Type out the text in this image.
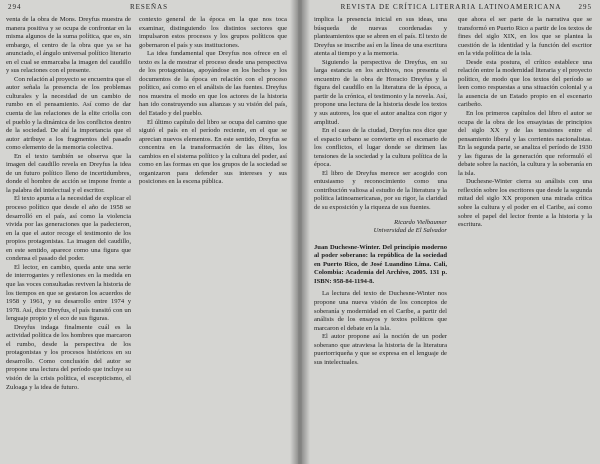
294	RESEÑAS

venta de la obra de Mons. Dreyfus muestra de manera positiva y se ocupa de confrontar en la misma algunos de la suma política, que es, sin embargo, el centro de la obra que ya se ha anunciado, el ángulo universal político literario en el cual se enmarcaba la imagen del caudillo y sus relaciones con el presente.

Con relación al proyecto se encuentra que el autor señala la presencia de los problemas culturales y la necesidad de un cambio de rumbo en el pensamiento. Así como de dar cuenta de las relaciones de la elite criolla con el pueblo y la dinámica de los conflictos dentro de la sociedad. De ahí la importancia que el autor atribuye a los fragmentos del pasado como elemento de la memoria colectiva.

En el texto también se observa que la imagen del caudillo revela en Dreyfus la idea de un futuro político lleno de incertidumbres, donde el hombre de acción se impone frente a la palabra del intelectual y el escritor.

El texto apunta a la necesidad de explicar el proceso político que desde el año de 1958 se desarrolló en el país, así como la violencia vivida por las generaciones que la padecieron, en la que el autor recoge el testimonio de los propios protagonistas. La imagen del caudillo, en este sentido, aparece como una figura que condensa el pasado del poder.

El lector, en cambio, queda ante una serie de interrogantes y reflexiones en la medida en que las voces consultadas reviven la historia de los tiempos en que se gestaron los acuerdos de 1958 y 1961, y su desarrollo entre 1974 y 1978. Así, dice Dreyfus, el país transitó con un lenguaje propio y el eco de sus figuras.

Dreyfus indaga finalmente cuál es la actividad política de los hombres que marcaron el rumbo, desde la perspectiva de los protagonistas y los procesos históricos en su desarrollo. Como conclusión del autor se propone una lectura del período que incluye su visión de la crisis política, el escepticismo, el Zuloaga y la idea de futuro.

contexto general de la época en la que nos toca examinar, distinguiendo los distintos sectores que impulsaron estos procesos y los grupos políticos que gobernaron el país y sus instituciones.

La idea fundamental que Dreyfus nos ofrece en el texto es la de mostrar el proceso desde una perspectiva de los protagonistas, apoyándose en los hechos y los documentos de la época en relación con el proceso político, así como en el análisis de las fuentes. Dreyfus nos muestra el modo en que los actores de la historia han ido construyendo sus alianzas y su visión del país, del Estado y del pueblo.

El último capítulo del libro se ocupa del camino que siguió el país en el período reciente, en el que se aprecian nuevos elementos. En este sentido, Dreyfus se concentra en la transformación de las élites, los cambios en el sistema político y la cultura del poder, así como en las formas en que los grupos de la sociedad se organizaron para defender sus intereses y sus posiciones en la escena pública.

REVISTA DE CRÍTICA LITERARIA LATINOAMERICANA	295

implica la presencia inicial en sus ideas, una búsqueda de nuevas coordenadas y planteamientos que se abren en el país. El texto de Dreyfus se inscribe así en la línea de una escritura atenta al tiempo y a la memoria.

Siguiendo la perspectiva de Dreyfus, en su larga estancia en los archivos, nos presenta el encuentro de la obra de Horacio Dreyfus y la figura del caudillo en la literatura de la época, a partir de la crónica, el testimonio y la novela. Así, propone una lectura de la historia desde los textos y sus autores, los que el autor analiza con rigor y amplitud.

En el caso de la ciudad, Dreyfus nos dice que el espacio urbano se convierte en el escenario de los conflictos, el lugar donde se dirimen las tensiones de la sociedad y la cultura política de la época.

El libro de Dreyfus merece ser acogido con entusiasmo y reconocimiento como una contribución valiosa al estudio de la literatura y la política latinoamericanas, por su rigor, la claridad de su exposición y la riqueza de sus fuentes.

Ricardo Vielbaumer
Universidad de El Salvador

Juan Duchesne-Winter. Del principio moderno al poder soberano: la república de la sociedad en Puerto Rico, de José Luandino Lima. Cali, Colombia: Academia del Archivo, 2005. 131 p. ISBN: 958-84-1194-8.

La lectura del texto de Duchesne-Winter nos propone una nueva visión de los conceptos de soberanía y modernidad en el Caribe, a partir del análisis de los ensayos y textos políticos que marcaron el debate en la isla.

El autor propone así la noción de un poder soberano que atraviesa la historia de la literatura puertorriqueña y que se expresa en el lenguaje de sus intelectuales.

que ahora el ser parte de la narrativa que se transformó en Puerto Rico a partir de los textos de fines del siglo XIX, en los que se plantea la cuestión de la identidad y la función del escritor en la vida política de la isla.

Desde esta postura, el crítico establece una relación entre la modernidad literaria y el proyecto político, de modo que los textos del período se leen como respuestas a una situación colonial y a la ausencia de un Estado propio en el escenario caribeño.

En los primeros capítulos del libro el autor se ocupa de la obra de los ensayistas de principios del siglo XX y de las tensiones entre el pensamiento liberal y las corrientes nacionalistas. En la segunda parte, se analiza el período de 1930 y las figuras de la generación que reformuló el debate sobre la nación, la cultura y la soberanía en la isla.

Duchesne-Winter cierra su análisis con una reflexión sobre los escritores que desde la segunda mitad del siglo XX proponen una mirada crítica sobre la cultura y el poder en el Caribe, así como sobre el papel del lector frente a la historia y la escritura.
